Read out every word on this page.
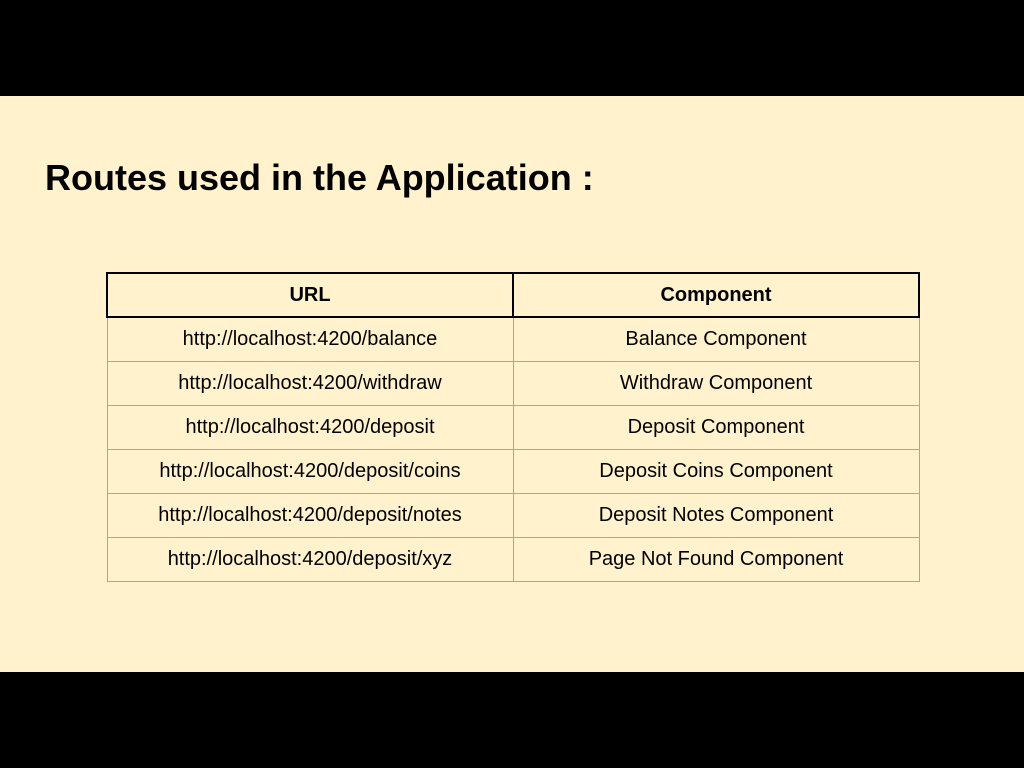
Routes used in the Application :
URL	Component
http://localhost:4200/balance	Balance Component
http://localhost:4200/withdraw	Withdraw Component
http://localhost:4200/deposit	Deposit Component
http://localhost:4200/deposit/coins	Deposit Coins Component
http://localhost:4200/deposit/notes	Deposit Notes Component
http://localhost:4200/deposit/xyz	Page Not Found Component
